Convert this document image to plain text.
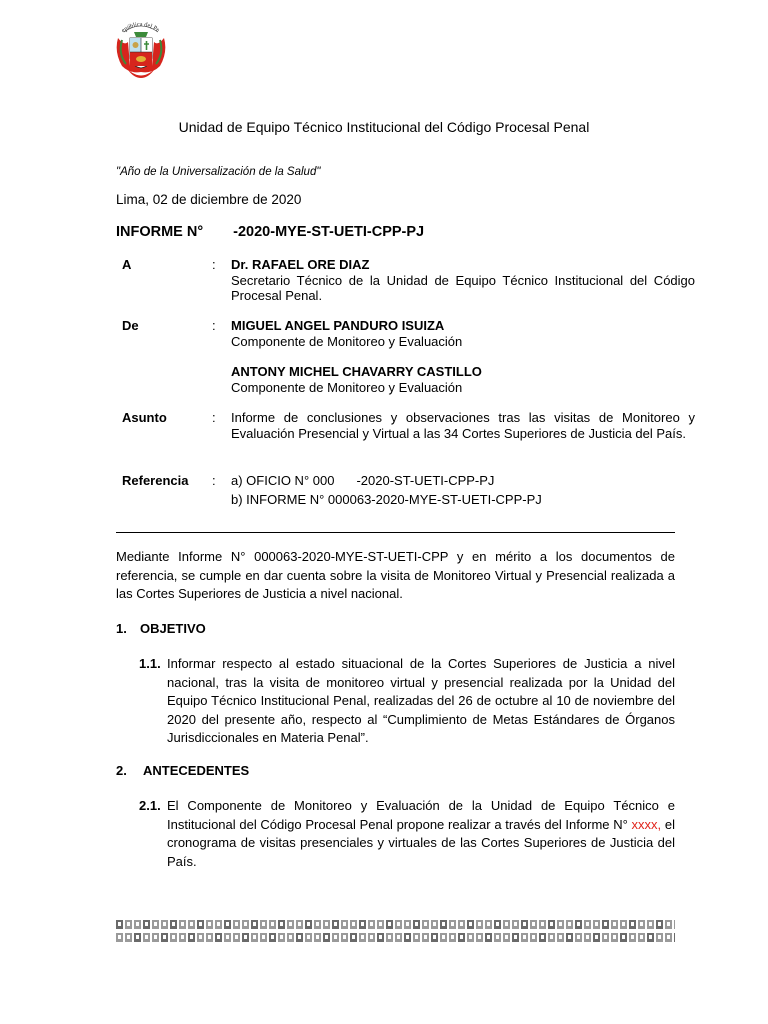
epública del Pe
Unidad de Equipo Técnico Institucional del Código Procesal Penal
"Año de la Universalización de la Salud"
Lima, 02 de diciembre de 2020
INFORME N° -2020-MYE-ST-UETI-CPP-PJ
A	: Dr. RAFAEL ORE DIAZ
Secretario Técnico de la Unidad de Equipo Técnico Institucional del Código Procesal Penal.
De	: MIGUEL ANGEL PANDURO ISUIZA
Componente de Monitoreo y Evaluación
ANTONY MICHEL CHAVARRY CASTILLO
Componente de Monitoreo y Evaluación
Asunto	: Informe de conclusiones y observaciones tras las visitas de Monitoreo y Evaluación Presencial y Virtual a las 34 Cortes Superiores de Justicia del País.
Referencia : a) OFICIO N° 000 -2020-ST-UETI-CPP-PJ
b) INFORME N° 000063-2020-MYE-ST-UETI-CPP-PJ
Mediante Informe N° 000063-2020-MYE-ST-UETI-CPP y en mérito a los documentos de referencia, se cumple en dar cuenta sobre la visita de Monitoreo Virtual y Presencial realizada a las Cortes Superiores de Justicia a nivel nacional.
1. OBJETIVO
1.1. Informar respecto al estado situacional de la Cortes Superiores de Justicia a nivel nacional, tras la visita de monitoreo virtual y presencial realizada por la Unidad del Equipo Técnico Institucional Penal, realizadas del 26 de octubre al 10 de noviembre del 2020 del presente año, respecto al “Cumplimiento de Metas Estándares de Órganos Jurisdiccionales en Materia Penal”.
2. ANTECEDENTES
2.1. El Componente de Monitoreo y Evaluación de la Unidad de Equipo Técnico e Institucional del Código Procesal Penal propone realizar a través del Informe N° xxxx, el cronograma de visitas presenciales y virtuales de las Cortes Superiores de Justicia del País.
